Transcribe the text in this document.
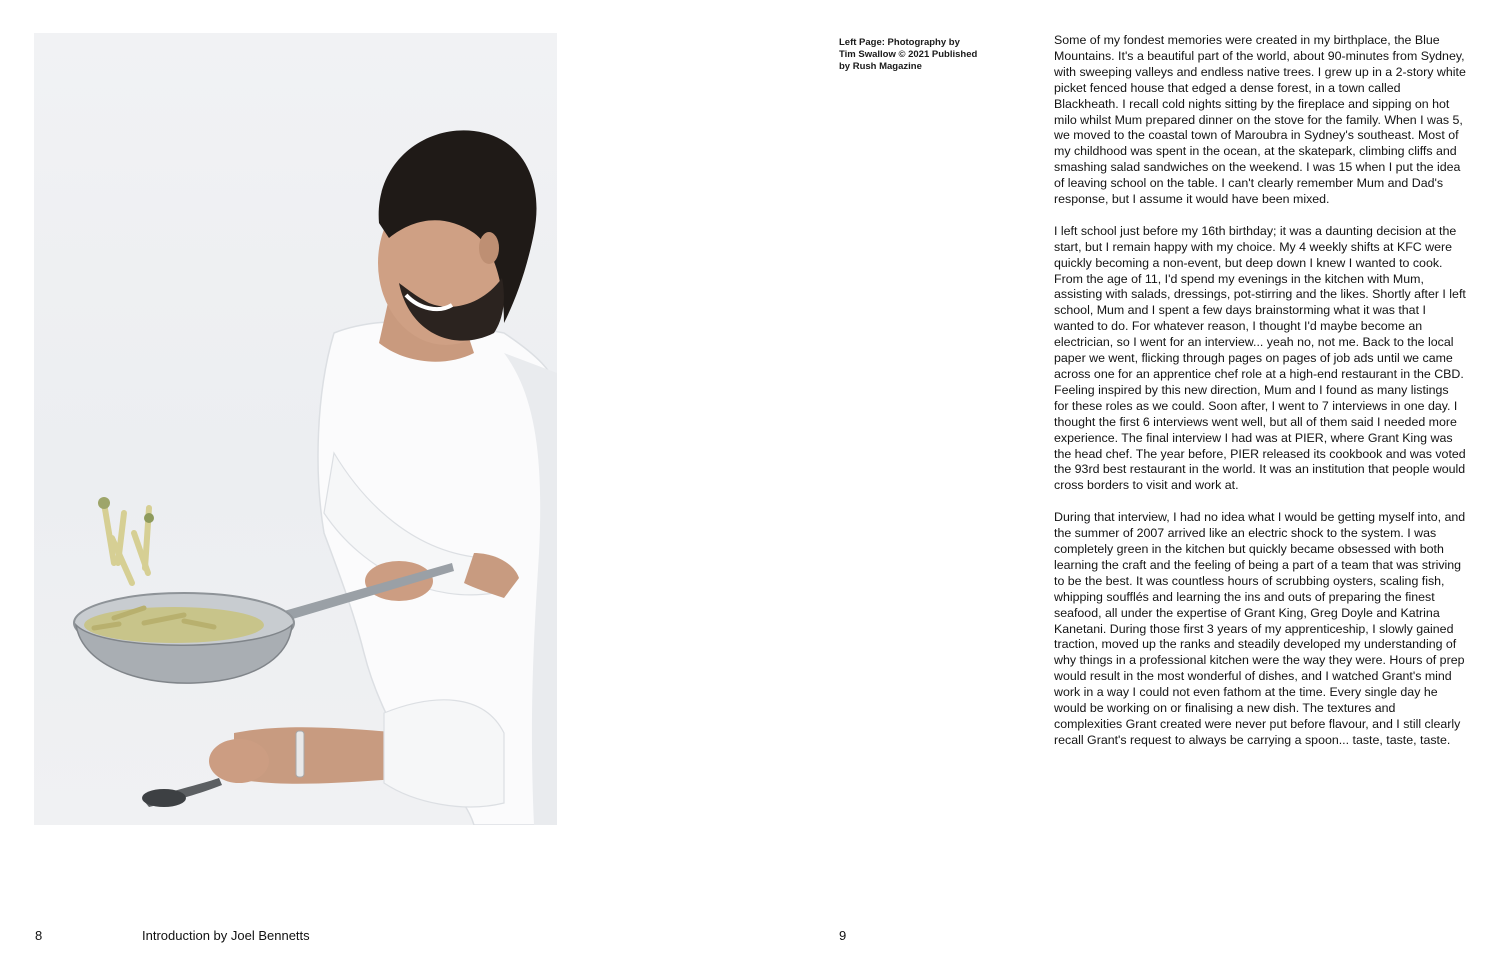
Left Page: Photography by
Tim Swallow © 2021 Published
by Rush Magazine

Some of my fondest memories were created in my birthplace, the Blue Mountains. It's a beautiful part of the world, about 90-minutes from Sydney, with sweeping valleys and endless native trees. I grew up in a 2-story white picket fenced house that edged a dense forest, in a town called Blackheath. I recall cold nights sitting by the fireplace and sipping on hot milo whilst Mum prepared dinner on the stove for the family. When I was 5, we moved to the coastal town of Maroubra in Sydney's southeast. Most of my childhood was spent in the ocean, at the skatepark, climbing cliffs and smashing salad sandwiches on the weekend. I was 15 when I put the idea of leaving school on the table. I can't clearly remember Mum and Dad's response, but I assume it would have been mixed.

I left school just before my 16th birthday; it was a daunting decision at the start, but I remain happy with my choice. My 4 weekly shifts at KFC were quickly becoming a non-event, but deep down I knew I wanted to cook. From the age of 11, I'd spend my evenings in the kitchen with Mum, assisting with salads, dressings, pot-stirring and the likes. Shortly after I left school, Mum and I spent a few days brainstorming what it was that I wanted to do. For whatever reason, I thought I'd maybe become an electrician, so I went for an interview... yeah no, not me. Back to the local paper we went, flicking through pages on pages of job ads until we came across one for an apprentice chef role at a high-end restaurant in the CBD. Feeling inspired by this new direction, Mum and I found as many listings for these roles as we could. Soon after, I went to 7 interviews in one day. I thought the first 6 interviews went well, but all of them said I needed more experience. The final interview I had was at PIER, where Grant King was the head chef. The year before, PIER released its cookbook and was voted the 93rd best restaurant in the world. It was an institution that people would cross borders to visit and work at.

During that interview, I had no idea what I would be getting myself into, and the summer of 2007 arrived like an electric shock to the system. I was completely green in the kitchen but quickly became obsessed with both learning the craft and the feeling of being a part of a team that was striving to be the best. It was countless hours of scrubbing oysters, scaling fish, whipping soufflés and learning the ins and outs of preparing the finest seafood, all under the expertise of Grant King, Greg Doyle and Katrina Kanetani. During those first 3 years of my apprenticeship, I slowly gained traction, moved up the ranks and steadily developed my understanding of why things in a professional kitchen were the way they were. Hours of prep would result in the most wonderful of dishes, and I watched Grant's mind work in a way I could not even fathom at the time. Every single day he would be working on or finalising a new dish. The textures and complexities Grant created were never put before flavour, and I still clearly recall Grant's request to always be carrying a spoon... taste, taste, taste.

8	Introduction by Joel Bennetts	9
